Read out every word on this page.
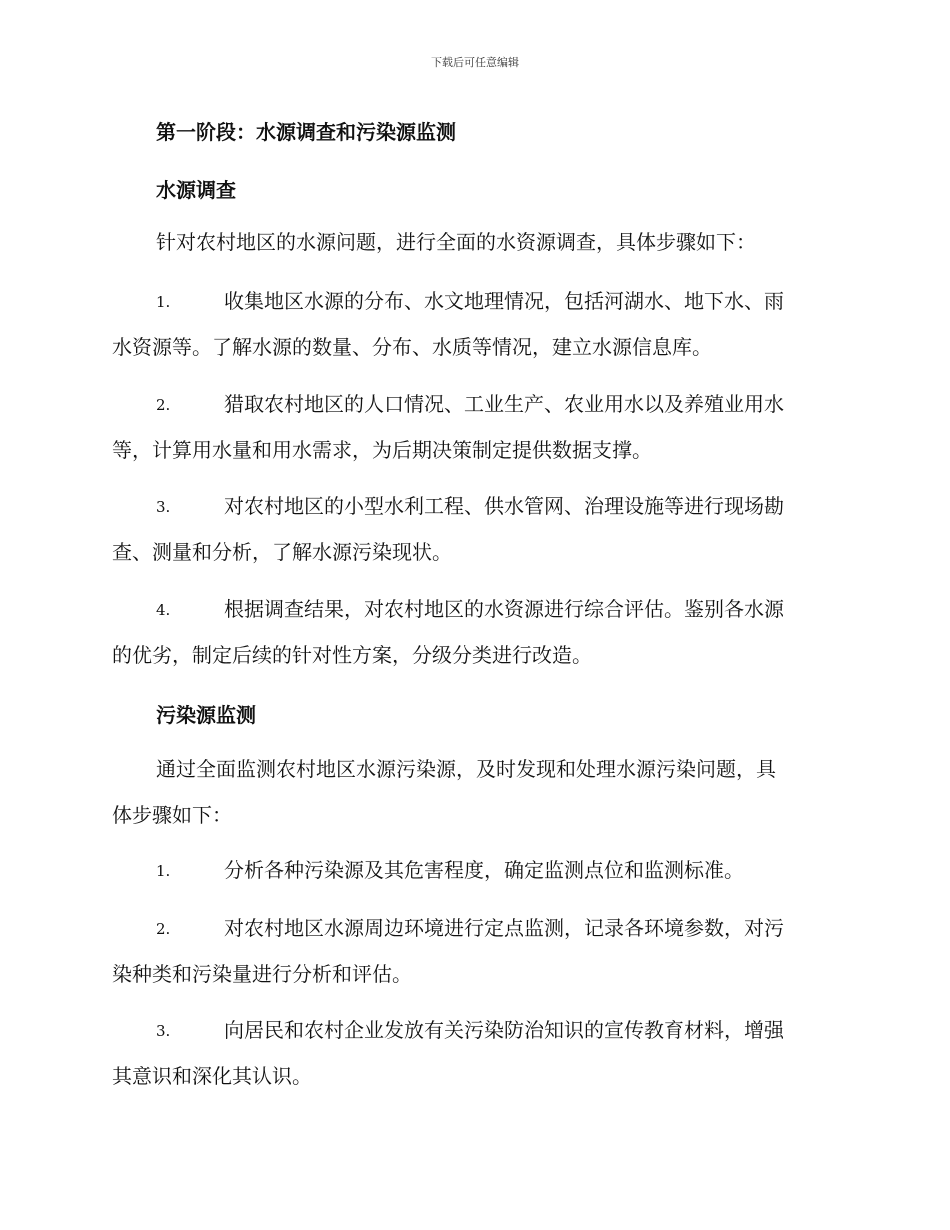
下载后可任意编辑
第一阶段：水源调查和污染源监测
水源调查
针对农村地区的水源问题，进行全面的水资源调查，具体步骤如下：
1.	收集地区水源的分布、水文地理情况，包括河湖水、地下水、雨
水资源等。了解水源的数量、分布、水质等情况，建立水源信息库。
2.	猎取农村地区的人口情况、工业生产、农业用水以及养殖业用水
等，计算用水量和用水需求，为后期决策制定提供数据支撑。
3.	对农村地区的小型水利工程、供水管网、治理设施等进行现场勘
查、测量和分析，了解水源污染现状。
4.	根据调查结果，对农村地区的水资源进行综合评估。鉴别各水源
的优劣，制定后续的针对性方案，分级分类进行改造。
污染源监测
通过全面监测农村地区水源污染源，及时发现和处理水源污染问题，具
体步骤如下：
1.	分析各种污染源及其危害程度，确定监测点位和监测标准。
2.	对农村地区水源周边环境进行定点监测，记录各环境参数，对污
染种类和污染量进行分析和评估。
3.	向居民和农村企业发放有关污染防治知识的宣传教育材料，增强
其意识和深化其认识。
